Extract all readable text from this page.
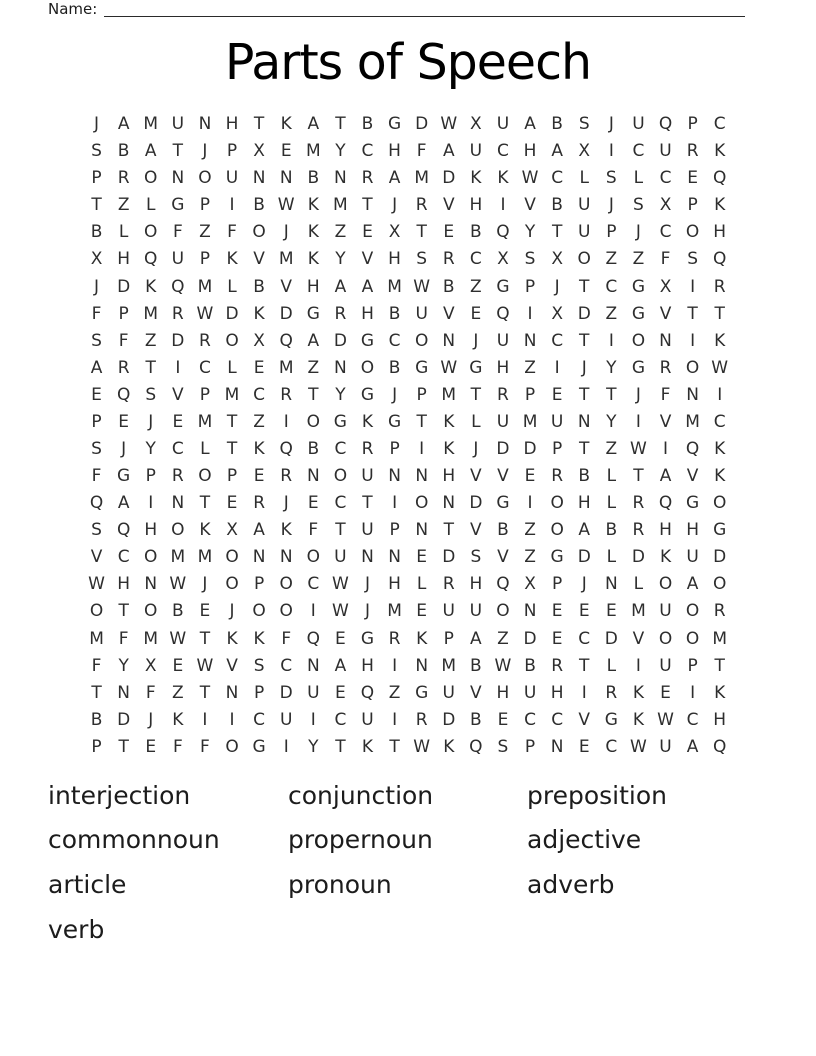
Name:
Parts of Speech
J	A M U N H T K A T B G D W X U A B S	J	U Q P C
S B A T	J	P X E M Y C H F A U C H A X	I	C U R K
P R O N O U N N B N R A M D K K W C L S L C E Q
T Z L G P	I	B W K M T	J	R V H	I	V B U	J	S X P K
B L O F Z F O	J	K Z E X T E B Q Y T U P	J	C O H
X H Q U P K V M K Y V H S R C X S X O Z Z F S Q
J	D K Q M L B V H A A M W B Z G P	J	T C G X	I	R
F	P M R W D K D G R H B U V E Q	I	X D Z G V T T
S F Z D R O X Q A D G C O N	J	U N C T	I	O N	I	K
A R T	I	C L E M Z N O B G W G H Z	I	J	Y G R O W
E Q S V P M C R T Y G	J	P M T R P E T T	J	F N	I
P E	J	E M T Z	I	O G K G T K L U M U N Y	I	V M C
S	J	Y C L	T K Q B C R P	I	K	J	D D P T Z W I	Q K
F G P R O P E R N O U N N H V V E R B L	T A V K
Q A	I	N T E R	J	E C T	I	O N D G	I	O H L R Q G O
S Q H O K X A K F	T U P N T V B Z O A B R H H G
V C O M M O N N O U N N E D S V Z G D L D K U D
W H N W J	O P O C W J	H L R H Q X P	J	N L O A O
O T O B E	J	O O	I W J	M E U U O N E E E M U O R
M F M W T K K F Q E G R K P A Z D E C D V O O M
F	Y X E W V S C N A H	I	N M B W B R T	L	I	U P T
T N F Z T N P D U E Q Z G U V H U H	I	R K E	I	K
B D	J	K	I	I	C U	I	C U	I	R D B E C C V G K W C H
P T E F	F O G	I	Y T K T W K Q S P N E C W U A Q
interjection	conjunction	preposition
commonnoun	propernoun	adjective
article	pronoun	adverb
verb
